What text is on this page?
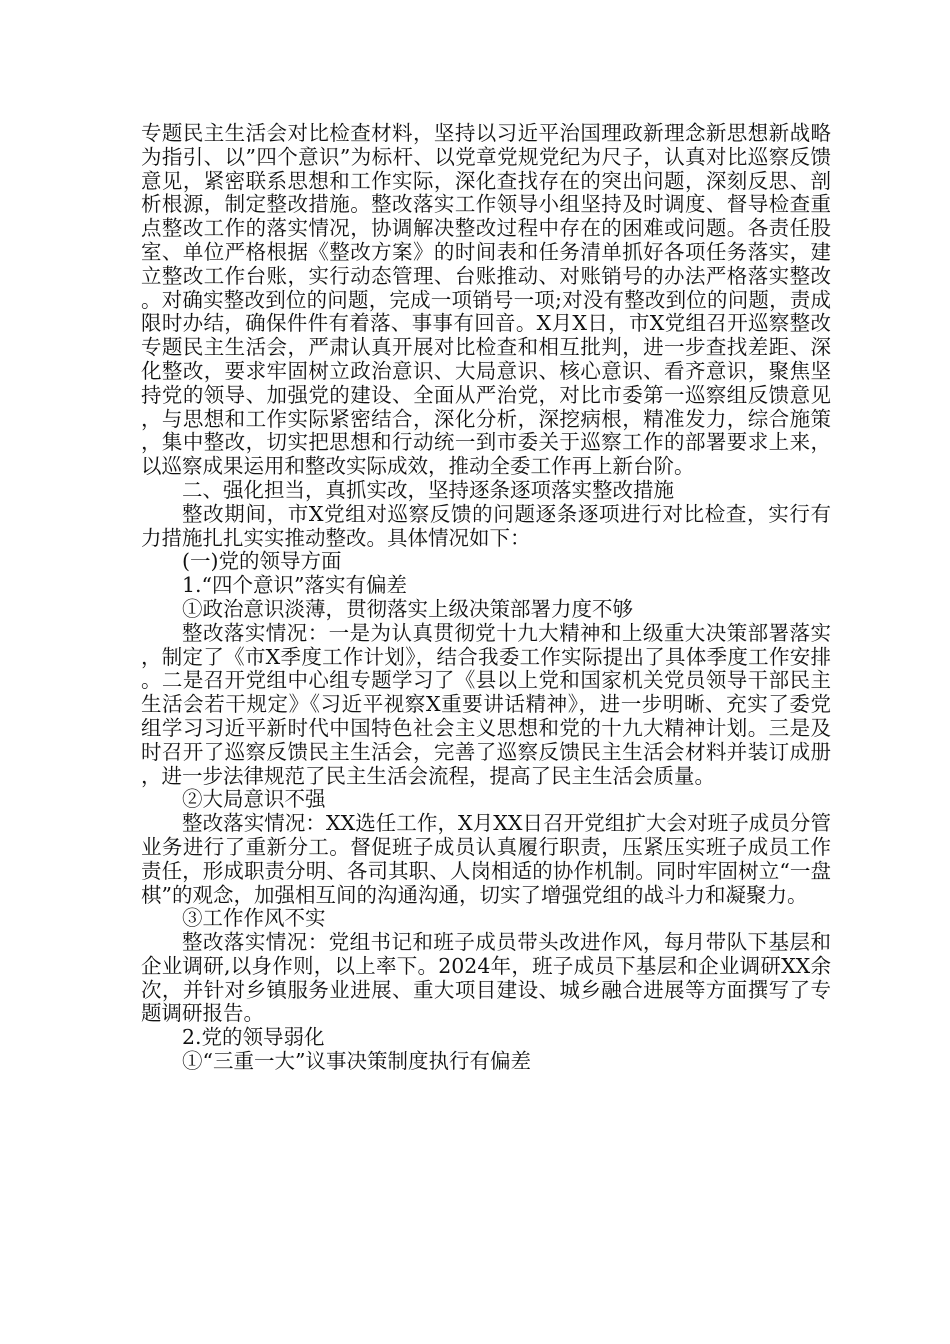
专题民主生活会对比检查材料，坚持以习近平治国理政新理念新思想新战略为指引、以”四个意识”为标杆、以党章党规党纪为尺子，认真对比巡察反馈意见，紧密联系思想和工作实际，深化查找存在的突出问题，深刻反思、剖析根源，制定整改措施。整改落实工作领导小组坚持及时调度、督导检查重点整改工作的落实情况，协调解决整改过程中存在的困难或问题。各责任股室、单位严格根据《整改方案》的时间表和任务清单抓好各项任务落实，建立整改工作台账，实行动态管理、台账推动、对账销号的办法严格落实整改。对确实整改到位的问题，完成一项销号一项;对没有整改到位的问题，责成限时办结，确保件件有着落、事事有回音。X月X日，市X党组召开巡察整改专题民主生活会，严肃认真开展对比检查和相互批判，进一步查找差距、深化整改，要求牢固树立政治意识、大局意识、核心意识、看齐意识，聚焦坚持党的领导、加强党的建设、全面从严治党，对比市委第一巡察组反馈意见，与思想和工作实际紧密结合，深化分析，深挖病根，精准发力，综合施策，集中整改，切实把思想和行动统一到市委关于巡察工作的部署要求上来，以巡察成果运用和整改实际成效，推动全委工作再上新台阶。

二、强化担当，真抓实改，坚持逐条逐项落实整改措施

整改期间，市X党组对巡察反馈的问题逐条逐项进行对比检查，实行有力措施扎扎实实推动整改。具体情况如下：

(一)党的领导方面

1.“四个意识”落实有偏差

①政治意识淡薄，贯彻落实上级决策部署力度不够

整改落实情况：一是为认真贯彻党十九大精神和上级重大决策部署落实，制定了《市X季度工作计划》，结合我委工作实际提出了具体季度工作安排。二是召开党组中心组专题学习了《县以上党和国家机关党员领导干部民主生活会若干规定》《习近平视察X重要讲话精神》，进一步明晰、充实了委党组学习习近平新时代中国特色社会主义思想和党的十九大精神计划。三是及时召开了巡察反馈民主生活会，完善了巡察反馈民主生活会材料并装订成册，进一步法律规范了民主生活会流程，提高了民主生活会质量。

②大局意识不强

整改落实情况：XX选任工作，X月XX日召开党组扩大会对班子成员分管业务进行了重新分工。督促班子成员认真履行职责，压紧压实班子成员工作责任，形成职责分明、各司其职、人岗相适的协作机制。同时牢固树立“一盘棋”的观念，加强相互间的沟通沟通，切实了增强党组的战斗力和凝聚力。

③工作作风不实

整改落实情况：党组书记和班子成员带头改进作风，每月带队下基层和企业调研,以身作则，以上率下。2024年，班子成员下基层和企业调研XX余次，并针对乡镇服务业进展、重大项目建设、城乡融合进展等方面撰写了专题调研报告。

2.党的领导弱化

①“三重一大”议事决策制度执行有偏差
